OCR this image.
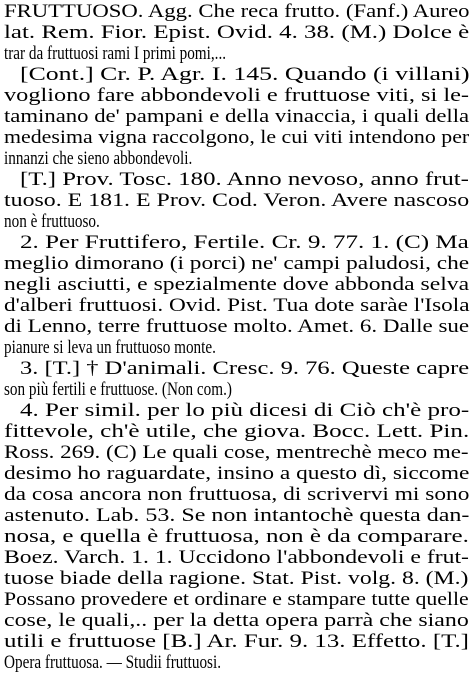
FRUTTUOSO. Agg. Che reca frutto. (Fanf.) Aureo
lat. Rem. Fior. Epist. Ovid. 4. 38. (M.) Dolce è
trar da fruttuosi rami I primi pomi,...
[Cont.] Cr. P. Agr. I. 145. Quando (i villani)
vogliono fare abbondevoli e fruttuose viti, si le-
taminano de' pampani e della vinaccia, i quali della
medesima vigna raccolgono, le cui viti intendono per
innanzi che sieno abbondevoli.
[T.] Prov. Tosc. 180. Anno nevoso, anno frut-
tuoso. E 181. E Prov. Cod. Veron. Avere nascoso
non è fruttuoso.
2. Per Fruttifero, Fertile. Cr. 9. 77. 1. (C) Ma
meglio dimorano (i porci) ne' campi paludosi, che
negli asciutti, e spezialmente dove abbonda selva
d'alberi fruttuosi. Ovid. Pist. Tua dote saràe l'Isola
di Lenno, terre fruttuose molto. Amet. 6. Dalle sue
pianure si leva un fruttuoso monte.
3. [T.] † D'animali. Cresc. 9. 76. Queste capre
son più fertili e fruttuose. (Non com.)
4. Per simil. per lo più dicesi di Ciò ch'è pro-
fittevole, ch'è utile, che giova. Bocc. Lett. Pin.
Ross. 269. (C) Le quali cose, mentrechè meco me-
desimo ho raguardate, insino a questo dì, siccome
da cosa ancora non fruttuosa, di scrivervi mi sono
astenuto. Lab. 53. Se non intantochè questa dan-
nosa, e quella è fruttuosa, non è da comparare.
Boez. Varch. 1. 1. Uccidono l'abbondevoli e frut-
tuose biade della ragione. Stat. Pist. volg. 8. (M.)
Possano provedere et ordinare e stampare tutte quelle
cose, le quali,.. per la detta opera parrà che siano
utili e fruttuose [B.] Ar. Fur. 9. 13. Effetto. [T.]
Opera fruttuosa. — Studii fruttuosi.
